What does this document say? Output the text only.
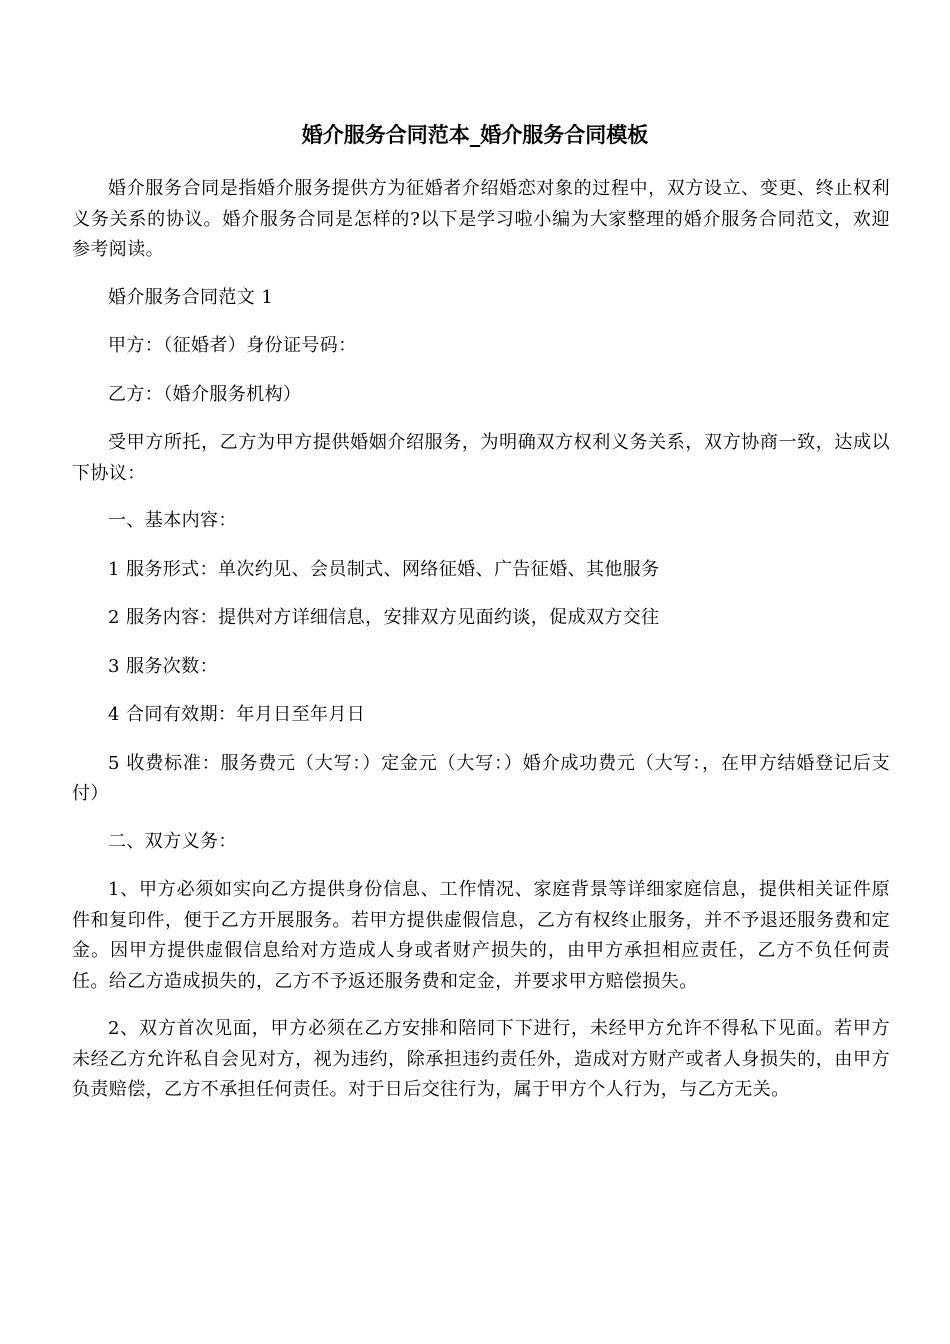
婚介服务合同范本_婚介服务合同模板

婚介服务合同是指婚介服务提供方为征婚者介绍婚恋对象的过程中，双方设立、变更、终止权利义务关系的协议。婚介服务合同是怎样的?以下是学习啦小编为大家整理的婚介服务合同范文，欢迎参考阅读。

婚介服务合同范文 1

甲方：（征婚者）身份证号码：

乙方：（婚介服务机构）

受甲方所托，乙方为甲方提供婚姻介绍服务，为明确双方权利义务关系，双方协商一致，达成以下协议：

一、基本内容：

1 服务形式：单次约见、会员制式、网络征婚、广告征婚、其他服务

2 服务内容：提供对方详细信息，安排双方见面约谈，促成双方交往

3 服务次数：

4 合同有效期：年月日至年月日

5 收费标准：服务费元（大写：）定金元（大写：）婚介成功费元（大写：，在甲方结婚登记后支付）

二、双方义务：

1、甲方必须如实向乙方提供身份信息、工作情况、家庭背景等详细家庭信息，提供相关证件原件和复印件，便于乙方开展服务。若甲方提供虚假信息，乙方有权终止服务，并不予退还服务费和定金。因甲方提供虚假信息给对方造成人身或者财产损失的，由甲方承担相应责任，乙方不负任何责任。给乙方造成损失的，乙方不予返还服务费和定金，并要求甲方赔偿损失。

2、双方首次见面，甲方必须在乙方安排和陪同下下进行，未经甲方允许不得私下见面。若甲方未经乙方允许私自会见对方，视为违约，除承担违约责任外，造成对方财产或者人身损失的，由甲方负责赔偿，乙方不承担任何责任。对于日后交往行为，属于甲方个人行为，与乙方无关。
